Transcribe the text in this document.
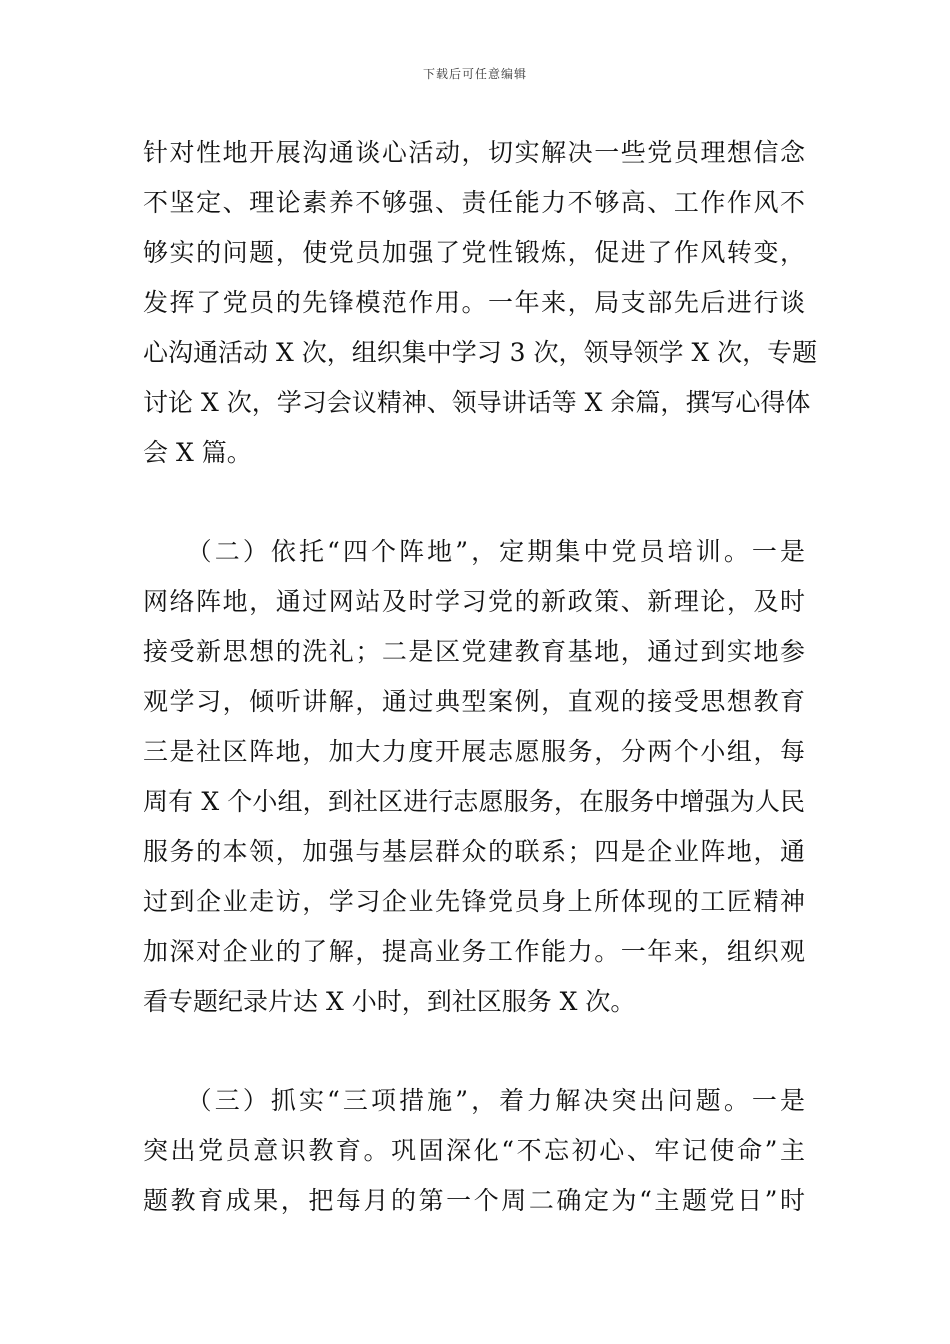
下载后可任意编辑
针对性地开展沟通谈心活动，切实解决一些党员理想信念
不坚定、理论素养不够强、责任能力不够高、工作作风不
够实的问题，使党员加强了党性锻炼，促进了作风转变，
发挥了党员的先锋模范作用。一年来，局支部先后进行谈
心沟通活动 X 次，组织集中学习 3 次，领导领学 X 次，专题
讨论 X 次，学习会议精神、领导讲话等 X 余篇，撰写心得体
会 X 篇。
　　（二）依托“四个阵地”，定期集中党员培训。一是
网络阵地，通过网站及时学习党的新政策、新理论，及时
接受新思想的洗礼；二是区党建教育基地，通过到实地参
观学习，倾听讲解，通过典型案例，直观的接受思想教育
三是社区阵地，加大力度开展志愿服务，分两个小组，每
周有 X 个小组，到社区进行志愿服务，在服务中增强为人民
服务的本领，加强与基层群众的联系；四是企业阵地，通
过到企业走访，学习企业先锋党员身上所体现的工匠精神
加深对企业的了解，提高业务工作能力。一年来，组织观
看专题纪录片达 X 小时，到社区服务 X 次。
　　（三）抓实“三项措施”，着力解决突出问题。一是
突出党员意识教育。巩固深化“不忘初心、牢记使命”主
题教育成果，把每月的第一个周二确定为“主题党日”时
